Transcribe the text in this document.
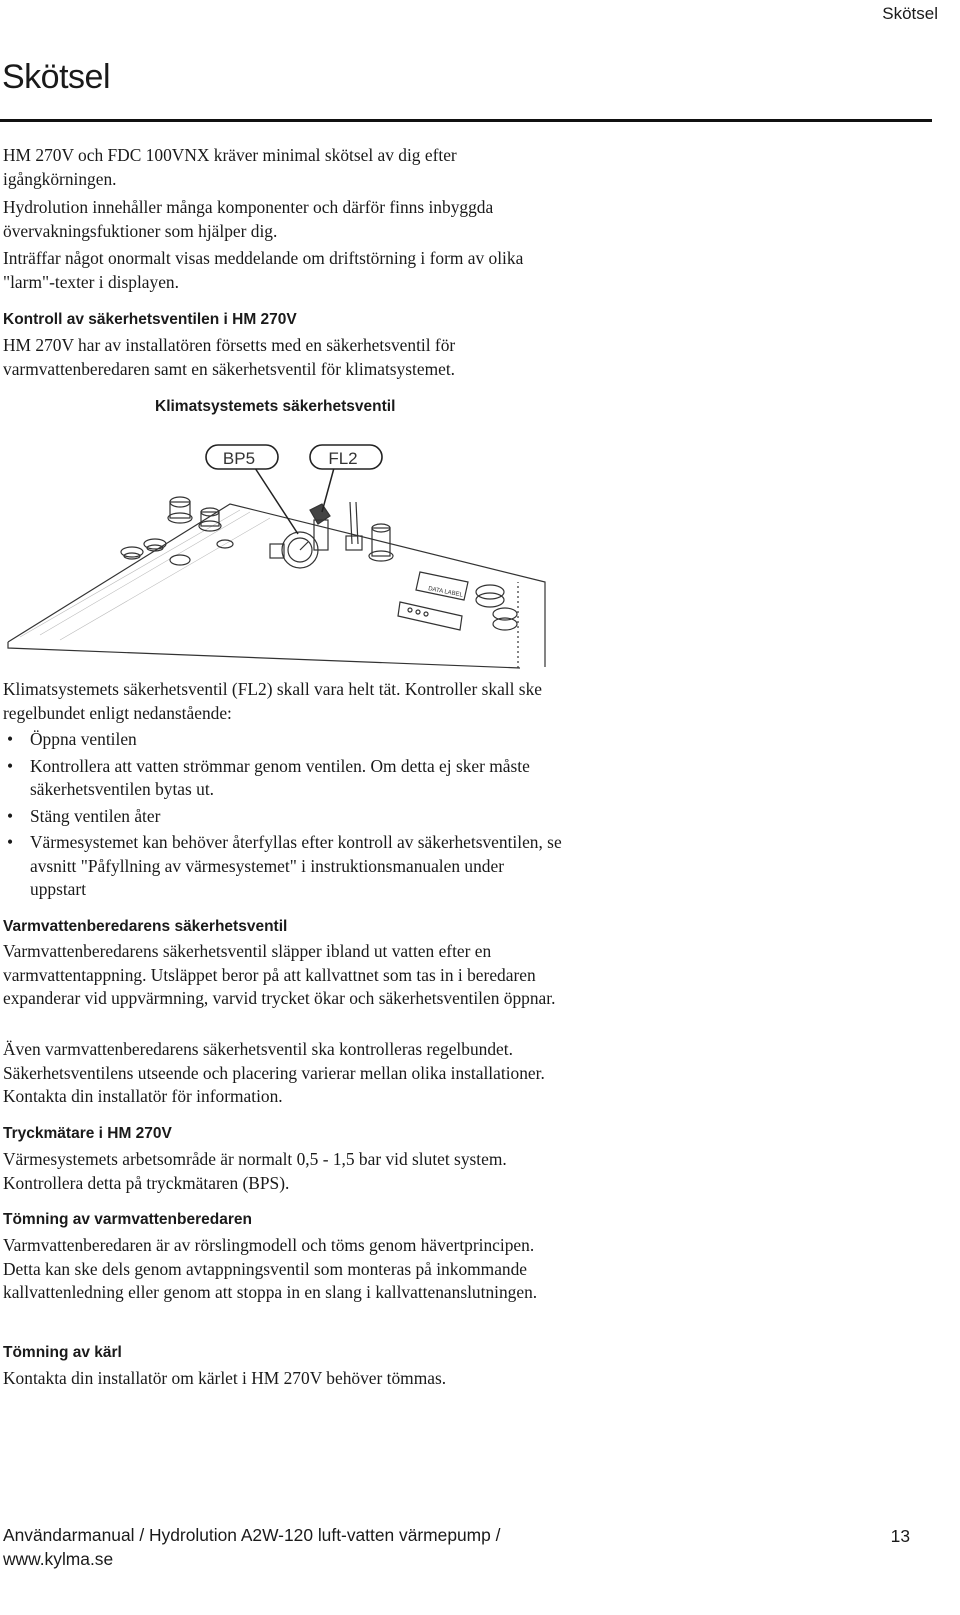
Skötsel
Skötsel

HM 270V och FDC 100VNX kräver minimal skötsel av dig efter igångkörningen.

Hydrolution innehåller många komponenter och därför finns inbyggda övervakningsfuktioner som hjälper dig.

Inträffar något onormalt visas meddelande om driftstörning i form av olika "larm"-texter i displayen.

Kontroll av säkerhetsventilen i HM 270V

HM 270V har av installatören försetts med en säkerhetsventil för varmvattenberedaren samt en säkerhetsventil för klimatsystemet.

Klimatsystemets säkerhetsventil
DATA LABEL
BP5	FL2

Klimatsystemets säkerhetsventil (FL2) skall vara helt tät. Kontroller skall ske regelbundet enligt nedanstående:

• Öppna ventilen
• Kontrollera att vatten strömmar genom ventilen. Om detta ej sker måste säkerhetsventilen bytas ut.
• Stäng ventilen åter
• Värmesystemet kan behöver återfyllas efter kontroll av säkerhetsventilen, se avsnitt "Påfyllning av värmesystemet" i instruktionsmanualen under uppstart
Varmvattenberedarens säkerhetsventil

Varmvattenberedarens säkerhetsventil släpper ibland ut vatten efter en varmvattentappning. Utsläppet beror på att kallvattnet som tas in i beredaren expanderar vid uppvärmning, varvid trycket ökar och säkerhetsventilen öppnar.

Även varmvattenberedarens säkerhetsventil ska kontrolleras regelbundet. Säkerhetsventilens utseende och placering varierar mellan olika installationer. Kontakta din installatör för information.

Tryckmätare i HM 270V

Värmesystemets arbetsområde är normalt 0,5 - 1,5 bar vid slutet system. Kontrollera detta på tryckmätaren (BPS).

Tömning av varmvattenberedaren

Varmvattenberedaren är av rörslingmodell och töms genom hävertprincipen. Detta kan ske dels genom avtappningsventil som monteras på inkommande kallvattenledning eller genom att stoppa in en slang i kallvattenanslutningen.

Tömning av kärl

Kontakta din installatör om kärlet i HM 270V behöver tömmas.

Användarmanual / Hydrolution A2W-120 luft-vatten värmepump / www.kylma.se
13
